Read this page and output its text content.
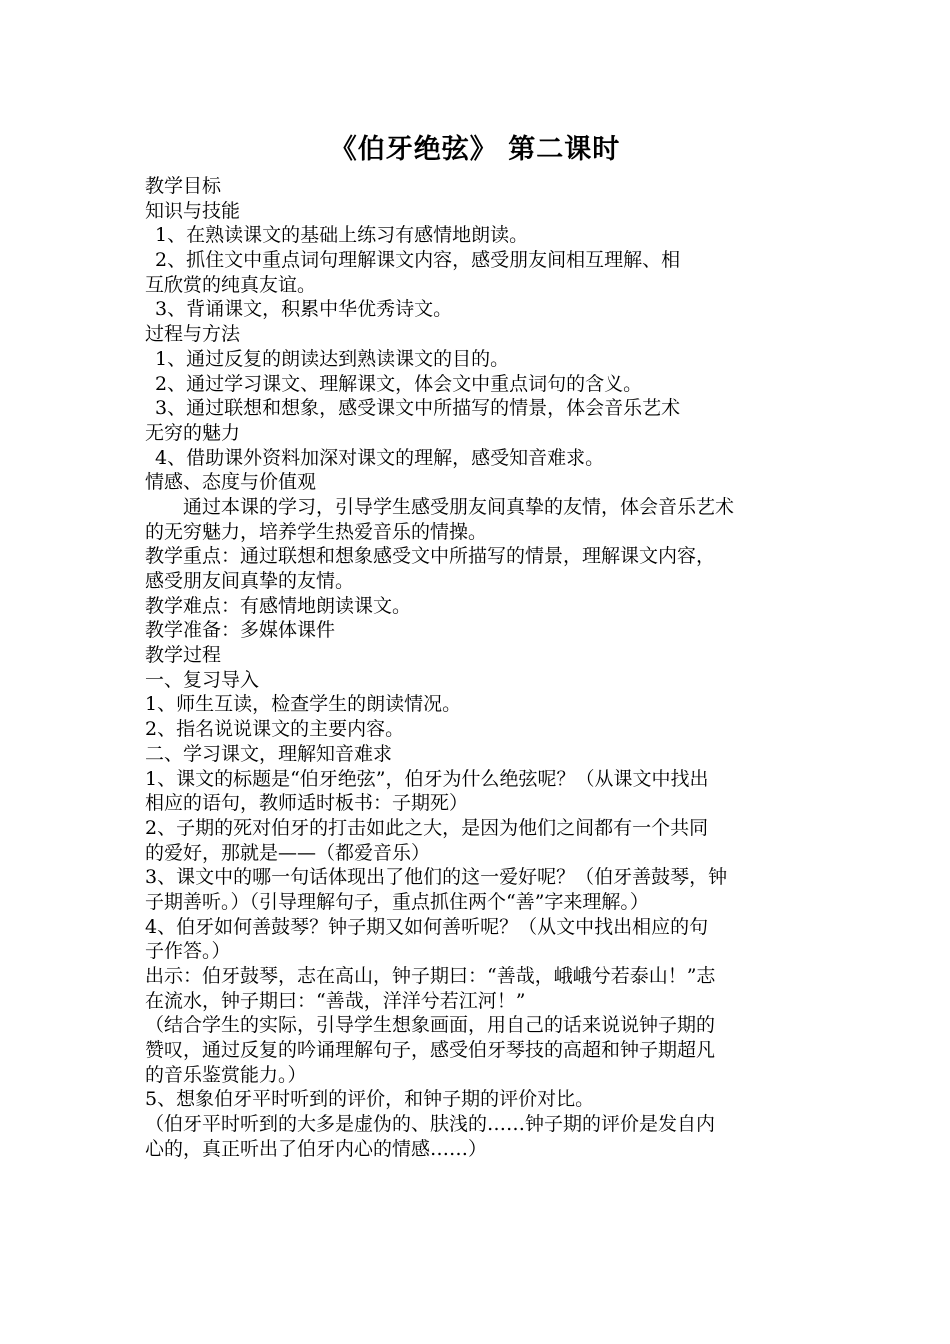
《伯牙绝弦》 第二课时
教学目标
知识与技能
1、在熟读课文的基础上练习有感情地朗读。
2、抓住文中重点词句理解课文内容，感受朋友间相互理解、相
互欣赏的纯真友谊。
3、背诵课文，积累中华优秀诗文。
过程与方法
1、通过反复的朗读达到熟读课文的目的。
2、通过学习课文、理解课文，体会文中重点词句的含义。
3、通过联想和想象，感受课文中所描写的情景，体会音乐艺术
无穷的魅力
4、借助课外资料加深对课文的理解，感受知音难求。
情感、态度与价值观
通过本课的学习，引导学生感受朋友间真挚的友情，体会音乐艺术
的无穷魅力，培养学生热爱音乐的情操。
教学重点：通过联想和想象感受文中所描写的情景，理解课文内容，
感受朋友间真挚的友情。
教学难点：有感情地朗读课文。
教学准备：多媒体课件
教学过程
一、复习导入
1、师生互读，检查学生的朗读情况。
2、指名说说课文的主要内容。
二、学习课文，理解知音难求
1、课文的标题是“伯牙绝弦”，伯牙为什么绝弦呢？（从课文中找出
相应的语句，教师适时板书：子期死）
2、子期的死对伯牙的打击如此之大，是因为他们之间都有一个共同
的爱好，那就是——（都爱音乐）
3、课文中的哪一句话体现出了他们的这一爱好呢？（伯牙善鼓琴，钟
子期善听。）（引导理解句子，重点抓住两个“善”字来理解。）
4、伯牙如何善鼓琴？钟子期又如何善听呢？（从文中找出相应的句
子作答。）
出示：伯牙鼓琴，志在高山，钟子期曰：“善哉，峨峨兮若泰山！”志
在流水，钟子期曰：“善哉，洋洋兮若江河！”
（结合学生的实际，引导学生想象画面，用自己的话来说说钟子期的
赞叹，通过反复的吟诵理解句子，感受伯牙琴技的高超和钟子期超凡
的音乐鉴赏能力。）
5、想象伯牙平时听到的评价，和钟子期的评价对比。
（伯牙平时听到的大多是虚伪的、肤浅的……钟子期的评价是发自内
心的，真正听出了伯牙内心的情感……）
